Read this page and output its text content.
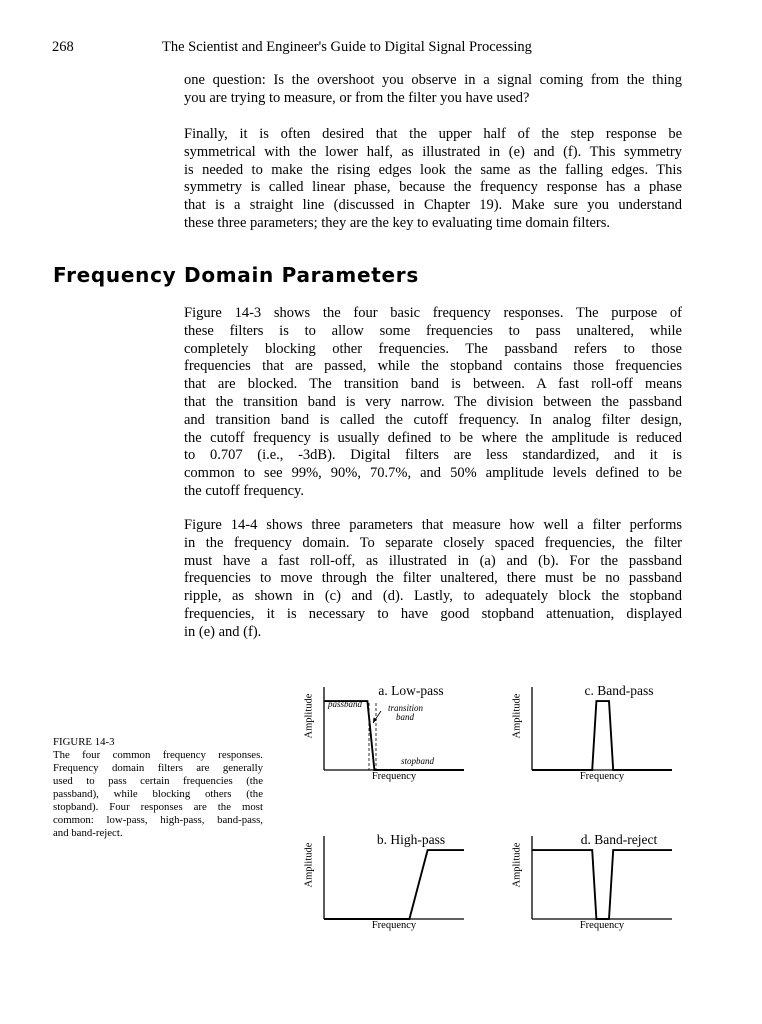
268	The Scientist and Engineer's Guide to Digital Signal Processing
one question: Is the overshoot you observe in a signal coming from the thing
you are trying to measure, or from the filter you have used?
Finally, it is often desired that the upper half of the step response be
symmetrical with the lower half, as illustrated in (e) and (f). This symmetry
is needed to make the rising edges look the same as the falling edges. This
symmetry is called linear phase, because the frequency response has a phase
that is a straight line (discussed in Chapter 19). Make sure you understand
these three parameters; they are the key to evaluating time domain filters.
Frequency Domain Parameters
Figure 14-3 shows the four basic frequency responses. The purpose of
these filters is to allow some frequencies to pass unaltered, while
completely blocking other frequencies. The passband refers to those
frequencies that are passed, while the stopband contains those frequencies
that are blocked. The transition band is between. A fast roll-off means
that the transition band is very narrow. The division between the passband
and transition band is called the cutoff frequency. In analog filter design,
the cutoff frequency is usually defined to be where the amplitude is reduced
to 0.707 (i.e., -3dB). Digital filters are less standardized, and it is
common to see 99%, 90%, 70.7%, and 50% amplitude levels defined to be
the cutoff frequency.
Figure 14-4 shows three parameters that measure how well a filter performs
in the frequency domain. To separate closely spaced frequencies, the filter
must have a fast roll-off, as illustrated in (a) and (b). For the passband
frequencies to move through the filter unaltered, there must be no passband
ripple, as shown in (c) and (d). Lastly, to adequately block the stopband
frequencies, it is necessary to have good stopband attenuation, displayed
in (e) and (f).
FIGURE 14-3
The four common frequency responses.
Frequency domain filters are generally
used to pass certain frequencies (the
passband), while blocking others (the
stopband). Four responses are the most
common: low-pass, high-pass, band-pass,
and band-reject.
a. Low-pass
Amplitude
Frequency
passband	transition
band
stopband
c. Band-pass
Amplitude
Frequency
b. High-pass
Amplitude
Frequency
d. Band-reject
Amplitude
Frequency
